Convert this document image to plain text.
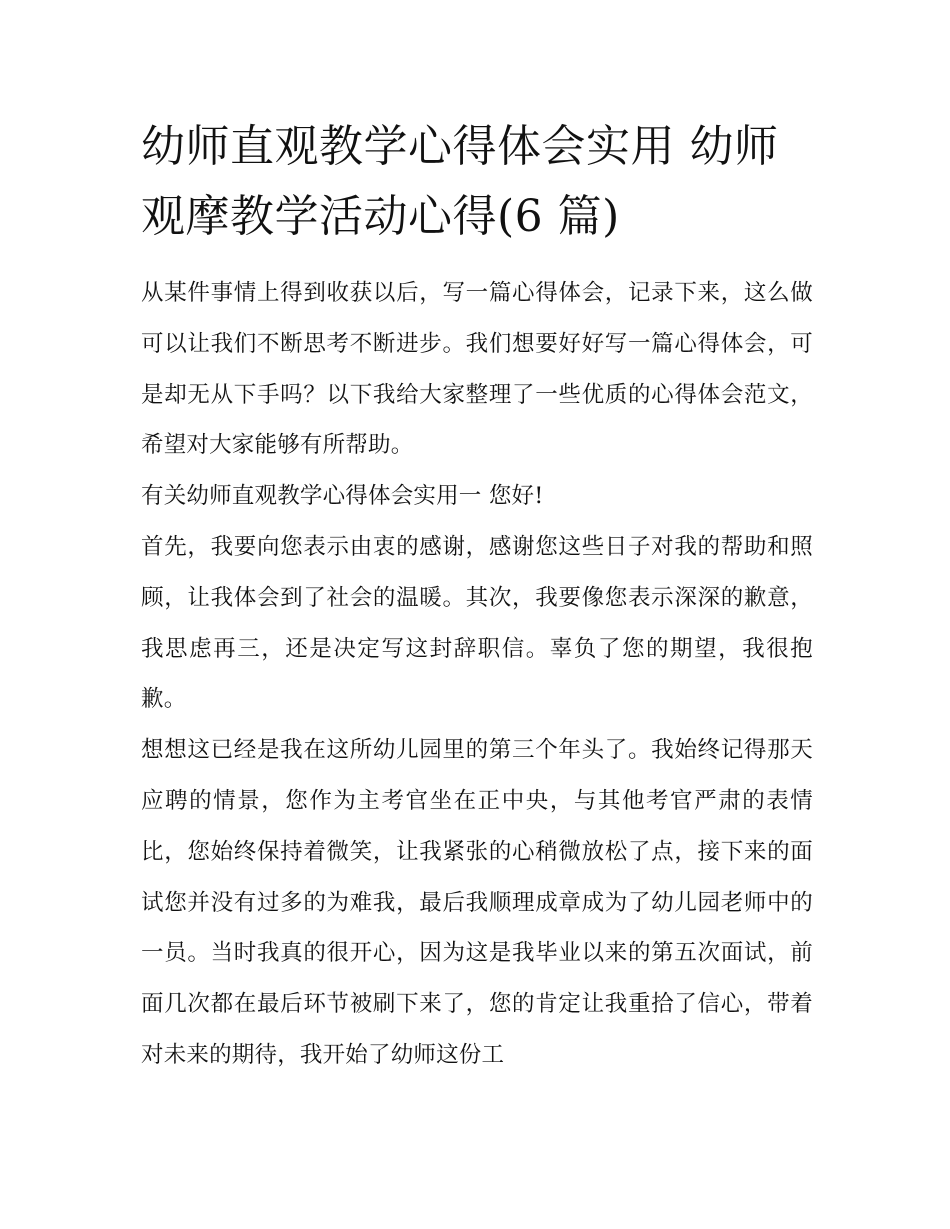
幼师直观教学心得体会实用 幼师观摩教学活动心得(6 篇)

从某件事情上得到收获以后，写一篇心得体会，记录下来，这么做可以让我们不断思考不断进步。我们想要好好写一篇心得体会，可是却无从下手吗？以下我给大家整理了一些优质的心得体会范文，希望对大家能够有所帮助。

有关幼师直观教学心得体会实用一 您好!

首先，我要向您表示由衷的感谢，感谢您这些日子对我的帮助和照顾，让我体会到了社会的温暖。其次，我要像您表示深深的歉意，我思虑再三，还是决定写这封辞职信。辜负了您的期望，我很抱歉。

想想这已经是我在这所幼儿园里的第三个年头了。我始终记得那天应聘的情景，您作为主考官坐在正中央，与其他考官严肃的表情比，您始终保持着微笑，让我紧张的心稍微放松了点，接下来的面试您并没有过多的为难我，最后我顺理成章成为了幼儿园老师中的一员。当时我真的很开心，因为这是我毕业以来的第五次面试，前面几次都在最后环节被刷下来了，您的肯定让我重拾了信心，带着对未来的期待，我开始了幼师这份工
